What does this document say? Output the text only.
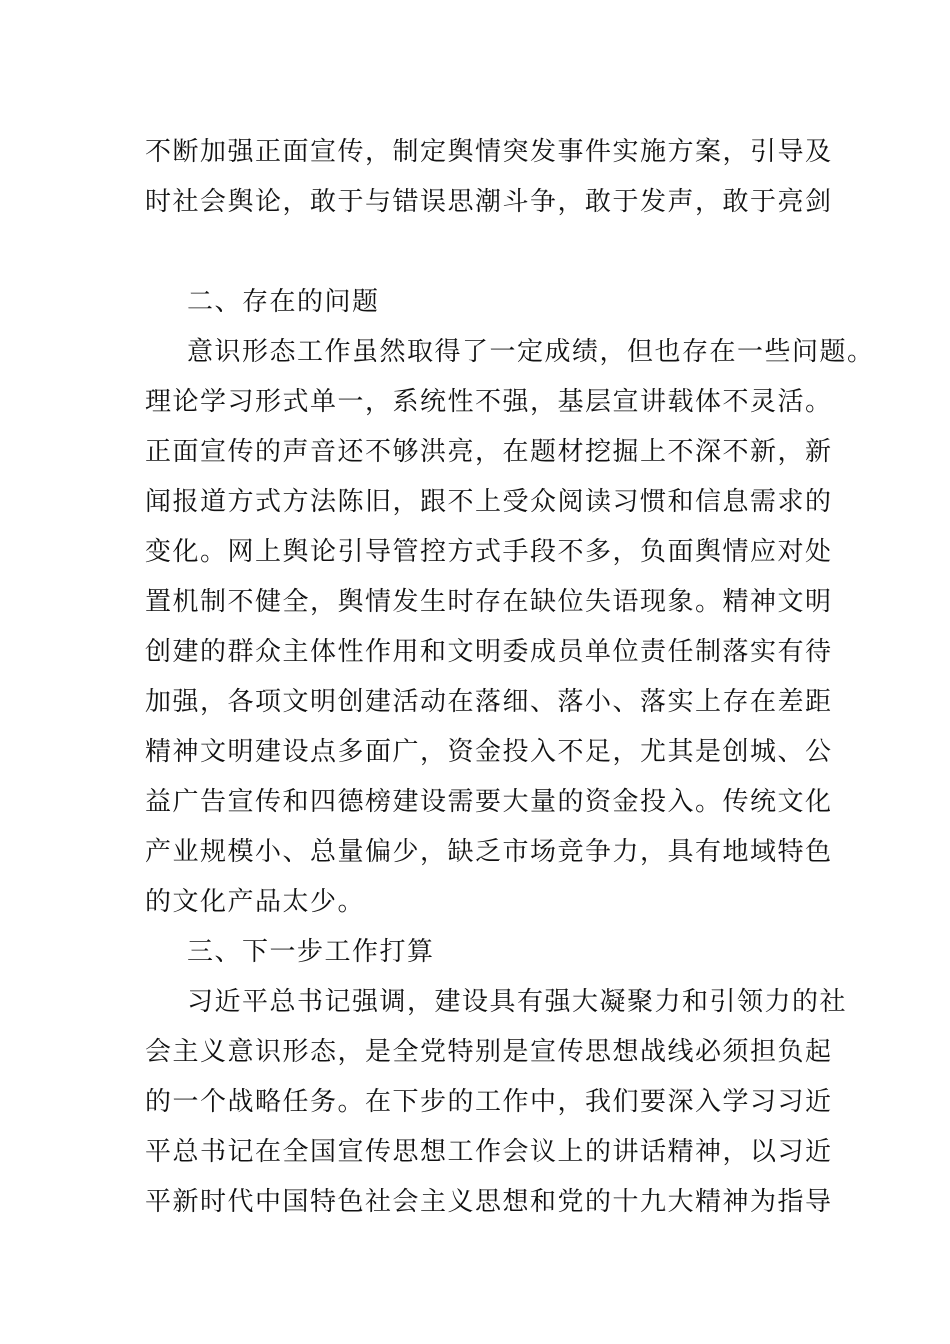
不断加强正面宣传，制定舆情突发事件实施方案，引导及
时社会舆论，敢于与错误思潮斗争，敢于发声，敢于亮剑
二、存在的问题
意识形态工作虽然取得了一定成绩，但也存在一些问题。
理论学习形式单一，系统性不强，基层宣讲载体不灵活。
正面宣传的声音还不够洪亮，在题材挖掘上不深不新，新
闻报道方式方法陈旧，跟不上受众阅读习惯和信息需求的
变化。网上舆论引导管控方式手段不多，负面舆情应对处
置机制不健全，舆情发生时存在缺位失语现象。精神文明
创建的群众主体性作用和文明委成员单位责任制落实有待
加强，各项文明创建活动在落细、落小、落实上存在差距
精神文明建设点多面广，资金投入不足，尤其是创城、公
益广告宣传和四德榜建设需要大量的资金投入。传统文化
产业规模小、总量偏少，缺乏市场竞争力，具有地域特色
的文化产品太少。
三、下一步工作打算
习近平总书记强调，建设具有强大凝聚力和引领力的社
会主义意识形态，是全党特别是宣传思想战线必须担负起
的一个战略任务。在下步的工作中，我们要深入学习习近
平总书记在全国宣传思想工作会议上的讲话精神，以习近
平新时代中国特色社会主义思想和党的十九大精神为指导
